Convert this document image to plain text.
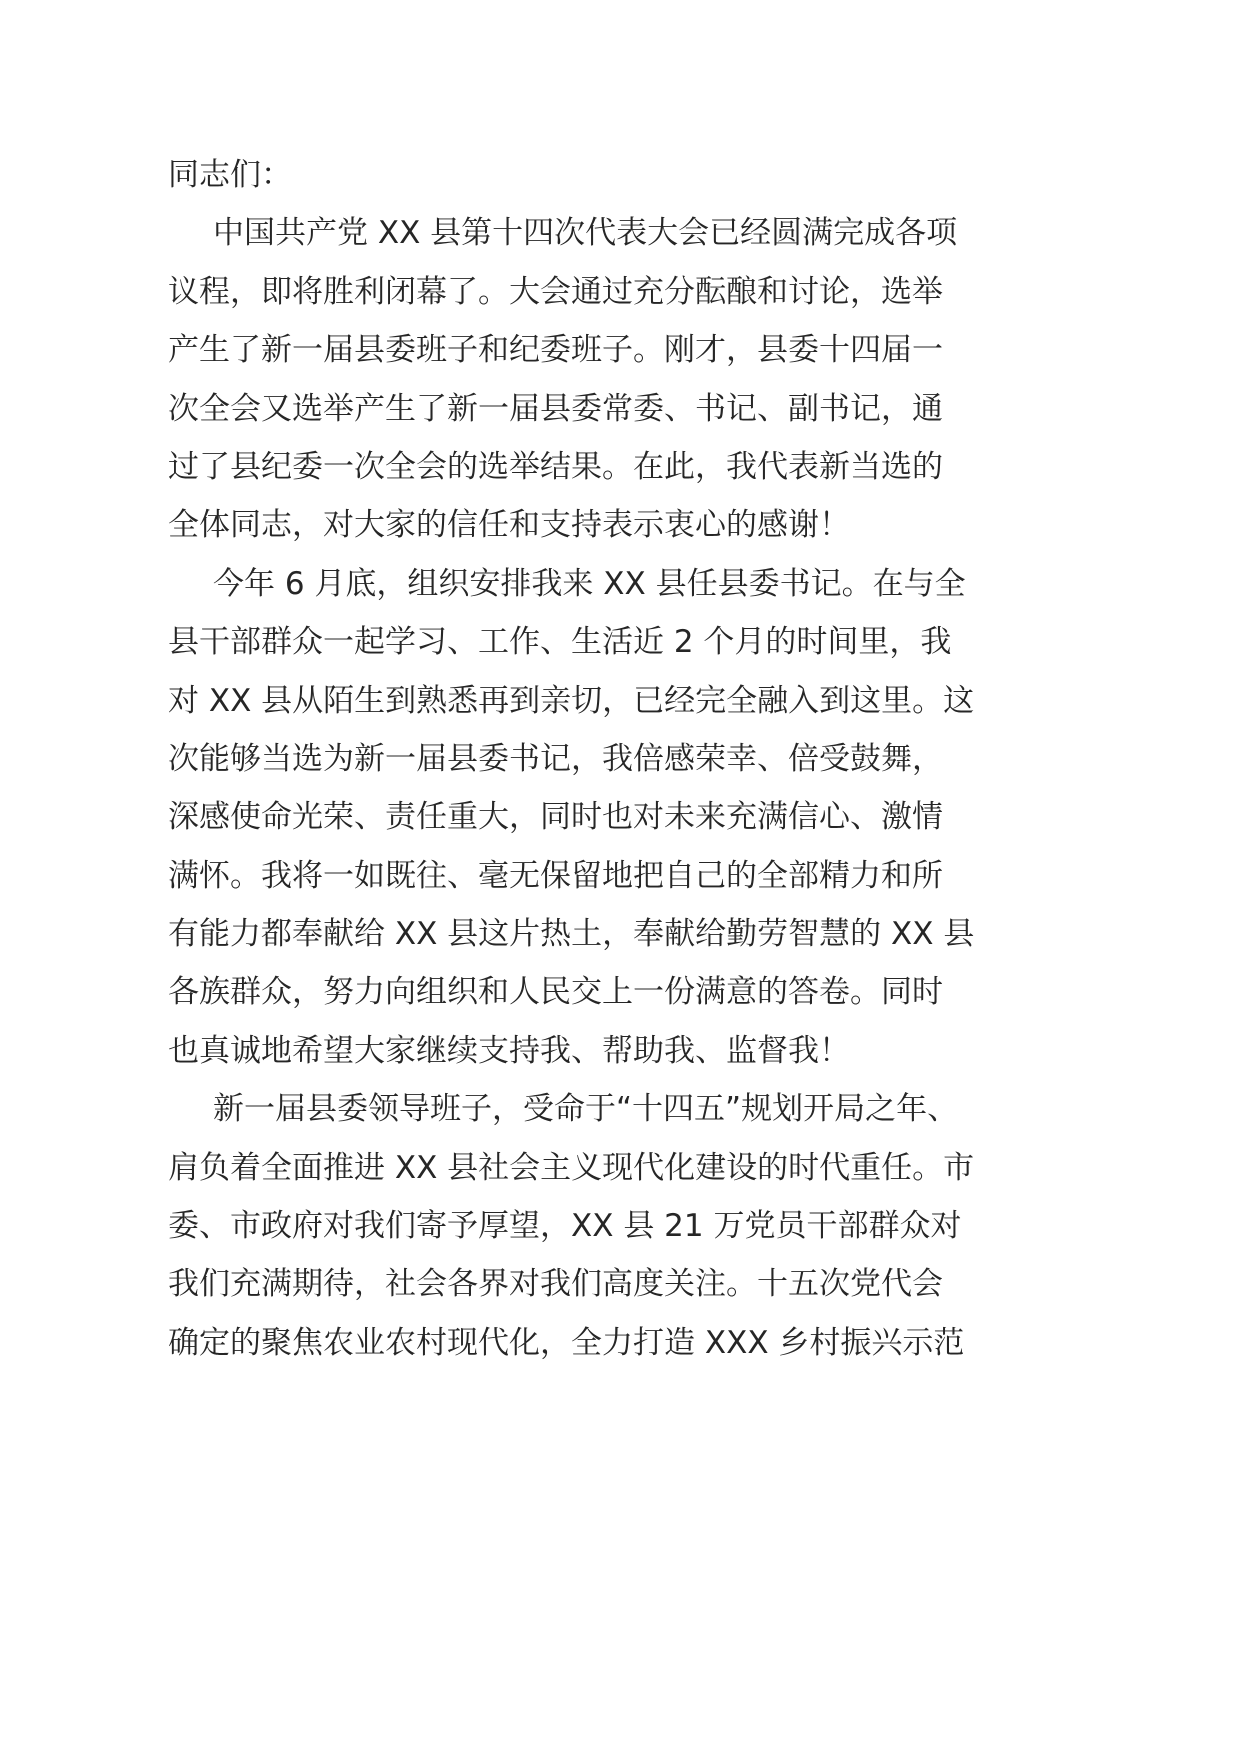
同志们：
中国共产党 XX 县第十四次代表大会已经圆满完成各项
议程，即将胜利闭幕了。大会通过充分酝酿和讨论，选举
产生了新一届县委班子和纪委班子。刚才，县委十四届一
次全会又选举产生了新一届县委常委、书记、副书记，通
过了县纪委一次全会的选举结果。在此，我代表新当选的
全体同志，对大家的信任和支持表示衷心的感谢！
今年 6 月底，组织安排我来 XX 县任县委书记。在与全
县干部群众一起学习、工作、生活近 2 个月的时间里，我
对 XX 县从陌生到熟悉再到亲切，已经完全融入到这里。这
次能够当选为新一届县委书记，我倍感荣幸、倍受鼓舞，
深感使命光荣、责任重大，同时也对未来充满信心、激情
满怀。我将一如既往、毫无保留地把自己的全部精力和所
有能力都奉献给 XX 县这片热土，奉献给勤劳智慧的 XX 县
各族群众，努力向组织和人民交上一份满意的答卷。同时
也真诚地希望大家继续支持我、帮助我、监督我！
新一届县委领导班子，受命于“十四五”规划开局之年、
肩负着全面推进 XX 县社会主义现代化建设的时代重任。市
委、市政府对我们寄予厚望，XX 县 21 万党员干部群众对
我们充满期待，社会各界对我们高度关注。十五次党代会
确定的聚焦农业农村现代化，全力打造 XXX 乡村振兴示范
